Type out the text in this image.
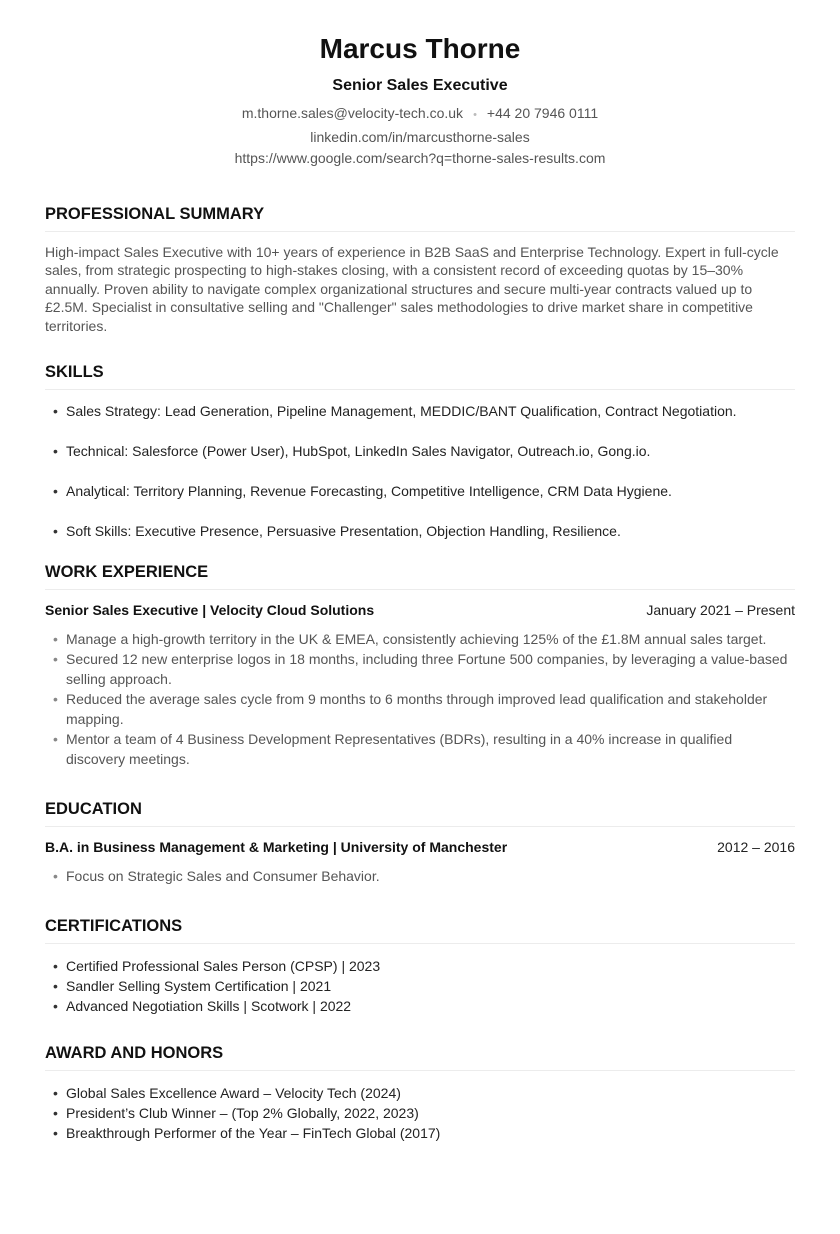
Marcus Thorne
Senior Sales Executive
m.thorne.sales@velocity-tech.co.uk • +44 20 7946 0111
linkedin.com/in/marcusthorne-sales
https://www.google.com/search?q=thorne-sales-results.com
PROFESSIONAL SUMMARY
High-impact Sales Executive with 10+ years of experience in B2B SaaS and Enterprise Technology. Expert in full-cycle sales, from strategic prospecting to high-stakes closing, with a consistent record of exceeding quotas by 15–30% annually. Proven ability to navigate complex organizational structures and secure multi-year contracts valued up to £2.5M. Specialist in consultative selling and "Challenger" sales methodologies to drive market share in competitive territories.
SKILLS
• Sales Strategy: Lead Generation, Pipeline Management, MEDDIC/BANT Qualification, Contract Negotiation.
• Technical: Salesforce (Power User), HubSpot, LinkedIn Sales Navigator, Outreach.io, Gong.io.
• Analytical: Territory Planning, Revenue Forecasting, Competitive Intelligence, CRM Data Hygiene.
• Soft Skills: Executive Presence, Persuasive Presentation, Objection Handling, Resilience.
WORK EXPERIENCE
Senior Sales Executive | Velocity Cloud Solutions	January 2021 – Present
• Manage a high-growth territory in the UK & EMEA, consistently achieving 125% of the £1.8M annual sales target.
• Secured 12 new enterprise logos in 18 months, including three Fortune 500 companies, by leveraging a value-based selling approach.
• Reduced the average sales cycle from 9 months to 6 months through improved lead qualification and stakeholder mapping.
• Mentor a team of 4 Business Development Representatives (BDRs), resulting in a 40% increase in qualified discovery meetings.
EDUCATION
B.A. in Business Management & Marketing | University of Manchester	2012 – 2016
• Focus on Strategic Sales and Consumer Behavior.
CERTIFICATIONS
• Certified Professional Sales Person (CPSP) | 2023
• Sandler Selling System Certification | 2021
• Advanced Negotiation Skills | Scotwork | 2022
AWARD AND HONORS
• Global Sales Excellence Award – Velocity Tech (2024)
• President’s Club Winner – (Top 2% Globally, 2022, 2023)
• Breakthrough Performer of the Year – FinTech Global (2017)
